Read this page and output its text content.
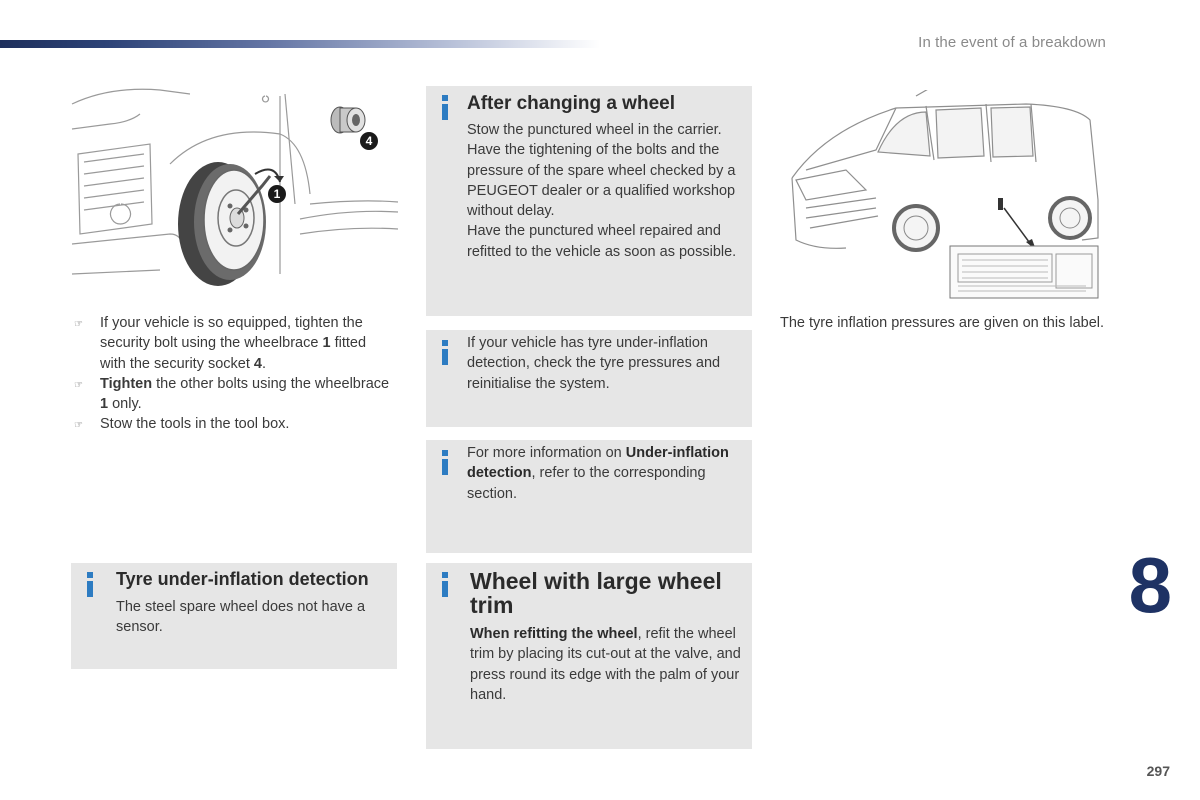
In the event of a breakdown
1
4
☞	If your vehicle is so equipped, tighten the security bolt using the wheelbrace 1 fitted with the security socket 4.
☞	Tighten the other bolts using the wheelbrace 1 only.
☞	Stow the tools in the tool box.
After changing a wheel
Stow the punctured wheel in the carrier. Have the tightening of the bolts and the pressure of the spare wheel checked by a PEUGEOT dealer or a qualified workshop without delay.
Have the punctured wheel repaired and refitted to the vehicle as soon as possible.
If your vehicle has tyre under-inflation detection, check the tyre pressures and reinitialise the system.
For more information on Under-inflation detection, refer to the corresponding section.
Tyre under-inflation detection
The steel spare wheel does not have a sensor.
Wheel with large wheel trim
When refitting the wheel, refit the wheel trim by placing its cut-out at the valve, and press round its edge with the palm of your hand.
The tyre inflation pressures are given on this label.
8
297
